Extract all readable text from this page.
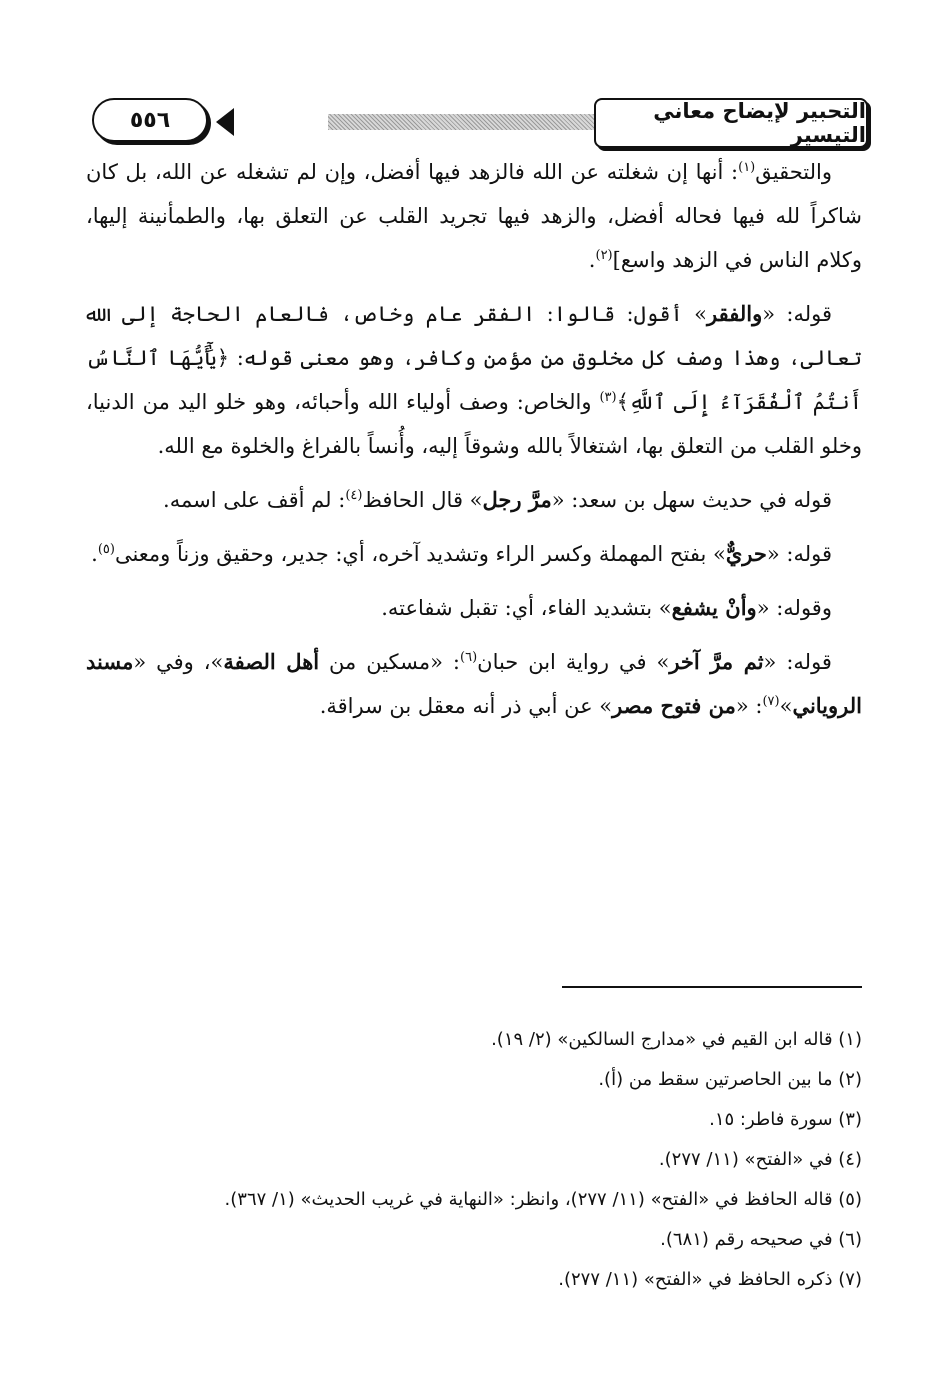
التحبير لإيضاح معاني التيسير
٥٥٦

والتحقيق$^{(١)}$: أنها إن شغلته عن الله فالزهد فيها أفضل، وإن لم تشغله عن الله، بل كان شاكراً لله فيها فحاله أفضل، والزهد فيها تجريد القلب عن التعلق بها، والطمأنينة إليها، وكلام الناس في الزهد واسع]$^{(٢)}$.

قوله: «والفقر» أقول: قالوا: الفقر عام وخاص، فالعام الحاجة إلى الله تعالى، وهذا وصف كل مخلوق من مؤمن وكافر، وهو معنى قوله: ﴿يَٰٓأَيُّهَا ٱلنَّاسُ أَنتُمُ ٱلْفُقَرَآءُ إِلَى ٱللَّهِ﴾$^{(٣)}$ والخاص: وصف أولياء الله وأحبائه، وهو خلو اليد من الدنيا، وخلو القلب من التعلق بها، اشتغالاً بالله وشوقاً إليه، وأُنساً بالفراغ والخلوة مع الله.

قوله في حديث سهل بن سعد: «مرَّ رجل» قال الحافظ$^{(٤)}$: لم أقف على اسمه.

قوله: «حريٌّ» بفتح المهملة وكسر الراء وتشديد آخره، أي: جدير، وحقيق وزناً ومعنى$^{(٥)}$.

وقوله: «وأنْ يشفع» بتشديد الفاء، أي: تقبل شفاعته.

قوله: «ثم مرَّ آخر» في رواية ابن حبان$^{(٦)}$: «مسكين من أهل الصفة»، وفي «مسند الروياني»$^{(٧)}$: «من فتوح مصر» عن أبي ذر أنه معقل بن سراقة.

(١) قاله ابن القيم في «مدارج السالكين» (٢/ ١٩).

(٢) ما بين الحاصرتين سقط من (أ).

(٣) سورة فاطر: ١٥.

(٤) في «الفتح» (١١/ ٢٧٧).

(٥) قاله الحافظ في «الفتح» (١١/ ٢٧٧)، وانظر: «النهاية في غريب الحديث» (١/ ٣٦٧).

(٦) في صحيحه رقم (٦٨١).

(٧) ذكره الحافظ في «الفتح» (١١/ ٢٧٧).
